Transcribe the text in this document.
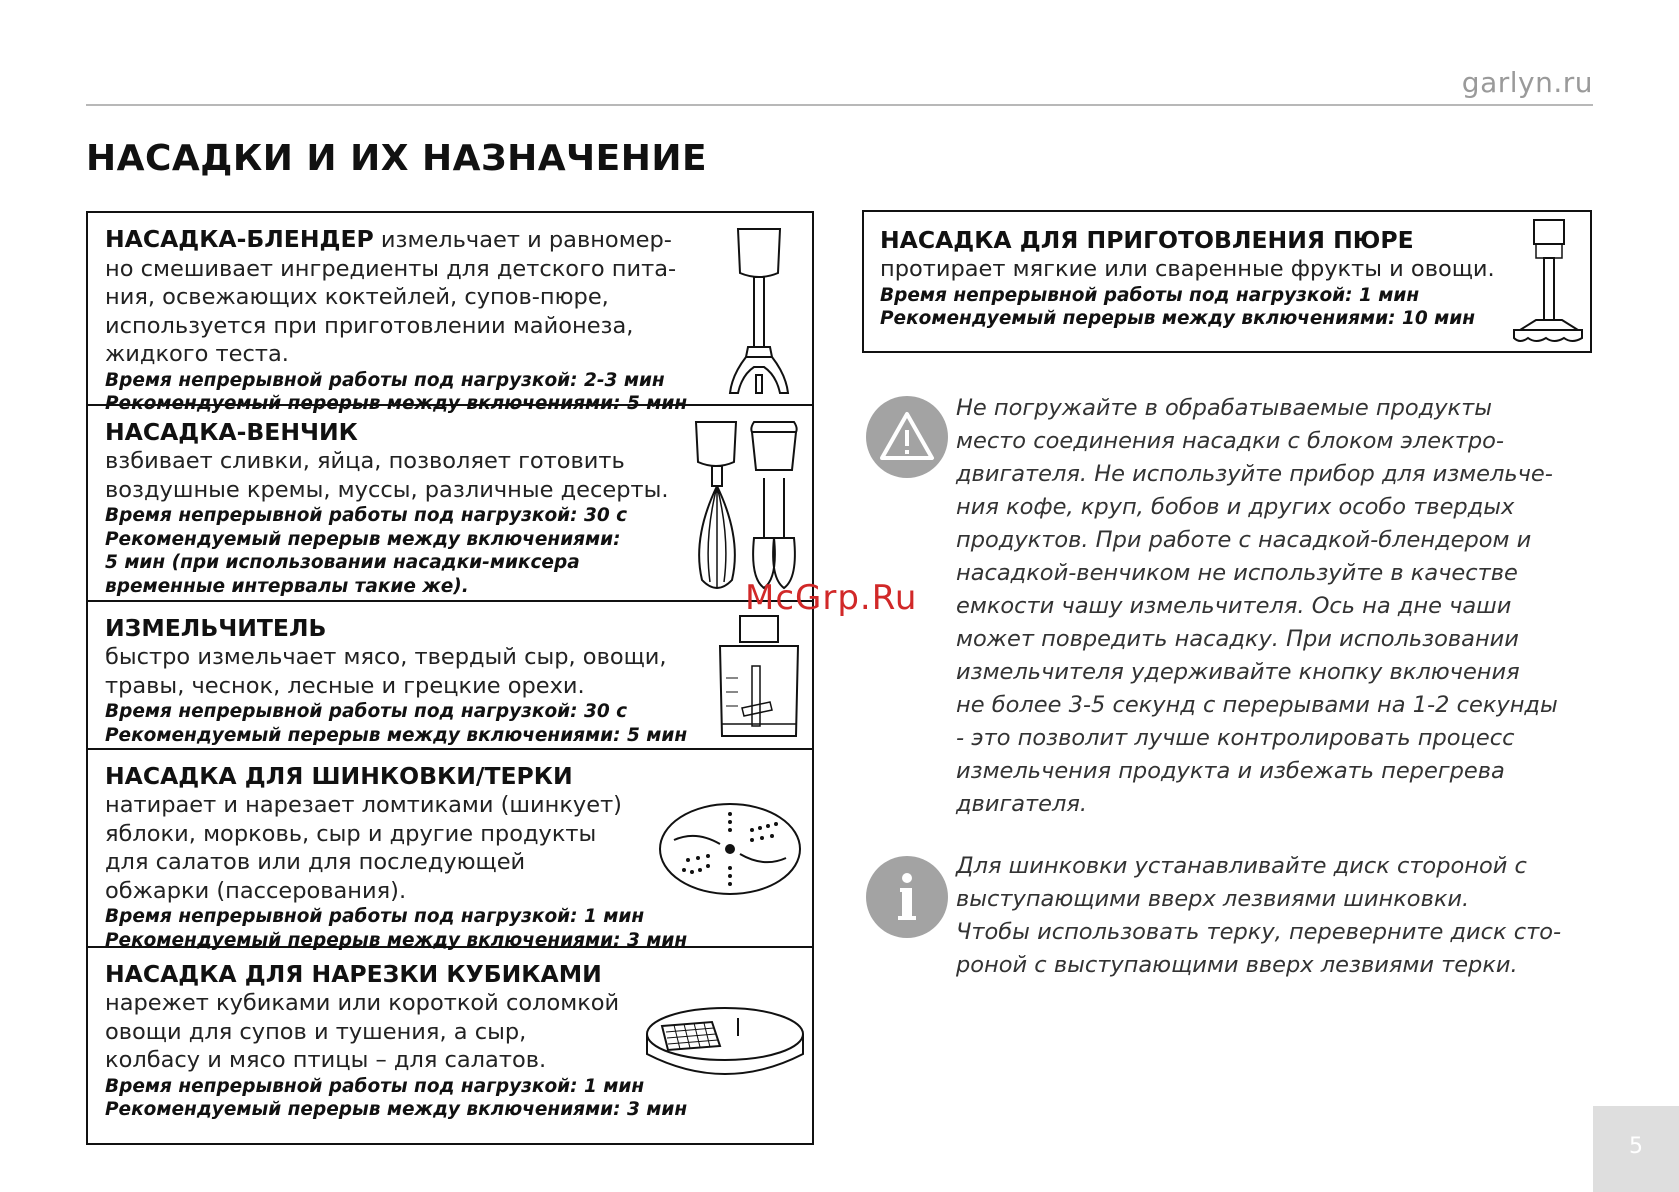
garlyn.ru
НАСАДКИ И ИХ НАЗНАЧЕНИЕ
НАСАДКА-БЛЕНДЕР измельчает и равномер-
но смешивает ингредиенты для детского пита-
ния, освежающих коктейлей, супов-пюре,
используется при приготовлении майонеза,
жидкого теста.
Время непрерывной работы под нагрузкой: 2-3 мин
Рекомендуемый перерыв между включениями: 5 мин
НАСАДКА-ВЕНЧИК
взбивает сливки, яйца, позволяет готовить
воздушные кремы, муссы, различные десерты.
Время непрерывной работы под нагрузкой: 30 с
Рекомендуемый перерыв между включениями:
5 мин (при использовании насадки-миксера
временные интервалы такие же).
ИЗМЕЛЬЧИТЕЛЬ
быстро измельчает мясо, твердый сыр, овощи,
травы, чеснок, лесные и грецкие орехи.
Время непрерывной работы под нагрузкой: 30 с
Рекомендуемый перерыв между включениями: 5 мин
НАСАДКА ДЛЯ ШИНКОВКИ/ТЕРКИ
натирает и нарезает ломтиками (шинкует)
яблоки, морковь, сыр и другие продукты
для салатов или для последующей
обжарки (пассерования).
Время непрерывной работы под нагрузкой: 1 мин
Рекомендуемый перерыв между включениями: 3 мин
НАСАДКА ДЛЯ НАРЕЗКИ КУБИКАМИ
нарежет кубиками или короткой соломкой
овощи для супов и тушения, а сыр,
колбасу и мясо птицы – для салатов.
Время непрерывной работы под нагрузкой: 1 мин
Рекомендуемый перерыв между включениями: 3 мин
НАСАДКА ДЛЯ ПРИГОТОВЛЕНИЯ ПЮРЕ
протирает мягкие или сваренные фрукты и овощи.
Время непрерывной работы под нагрузкой: 1 мин
Рекомендуемый перерыв между включениями: 10 мин
Не погружайте в обрабатываемые продукты
место соединения насадки с блоком электро-
двигателя. Не используйте прибор для измельче-
ния кофе, круп, бобов и других особо твердых
продуктов. При работе с насадкой-блендером и
насадкой-венчиком не используйте в качестве
емкости чашу измельчителя. Ось на дне чаши
может повредить насадку. При использовании
измельчителя удерживайте кнопку включения
не более 3-5 секунд с перерывами на 1-2 секунды
- это позволит лучше контролировать процесс
измельчения продукта и избежать перегрева
двигателя.
Для шинковки устанавливайте диск стороной с
выступающими вверх лезвиями шинковки.
Чтобы использовать терку, переверните диск сто-
роной с выступающими вверх лезвиями терки.
McGrp.Ru
5
